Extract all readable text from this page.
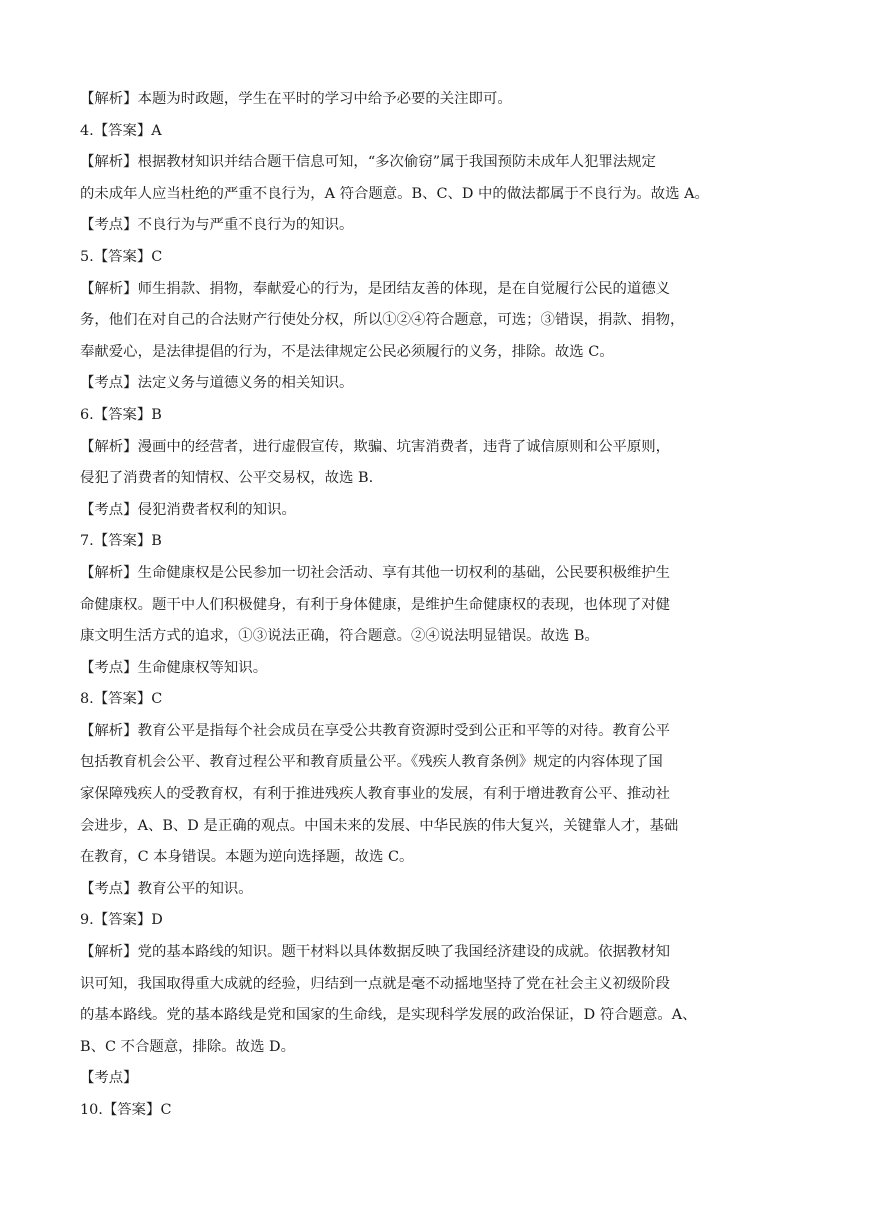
【解析】本题为时政题，学生在平时的学习中给予必要的关注即可。
4.【答案】A
【解析】根据教材知识并结合题干信息可知，“多次偷窃”属于我国预防未成年人犯罪法规定
的未成年人应当杜绝的严重不良行为，A 符合题意。B、C、D 中的做法都属于不良行为。故选 A。
【考点】不良行为与严重不良行为的知识。
5.【答案】C
【解析】师生捐款、捐物，奉献爱心的行为，是团结友善的体现，是在自觉履行公民的道德义
务，他们在对自己的合法财产行使处分权，所以①②④符合题意，可选；③错误，捐款、捐物，
奉献爱心，是法律提倡的行为，不是法律规定公民必须履行的义务，排除。故选 C。
【考点】法定义务与道德义务的相关知识。
6.【答案】B
【解析】漫画中的经营者，进行虚假宣传，欺骗、坑害消费者，违背了诚信原则和公平原则，
侵犯了消费者的知情权、公平交易权，故选 B.
【考点】侵犯消费者权利的知识。
7.【答案】B
【解析】生命健康权是公民参加一切社会活动、享有其他一切权利的基础，公民要积极维护生
命健康权。题干中人们积极健身，有利于身体健康，是维护生命健康权的表现，也体现了对健
康文明生活方式的追求，①③说法正确，符合题意。②④说法明显错误。故选 B。
【考点】生命健康权等知识。
8.【答案】C
【解析】教育公平是指每个社会成员在享受公共教育资源时受到公正和平等的对待。教育公平
包括教育机会公平、教育过程公平和教育质量公平。《残疾人教育条例》规定的内容体现了国
家保障残疾人的受教育权，有利于推进残疾人教育事业的发展，有利于增进教育公平、推动社
会进步，A、B、D 是正确的观点。中国未来的发展、中华民族的伟大复兴，关键靠人才，基础
在教育，C 本身错误。本题为逆向选择题，故选 C。
【考点】教育公平的知识。
9.【答案】D
【解析】党的基本路线的知识。题干材料以具体数据反映了我国经济建设的成就。依据教材知
识可知，我国取得重大成就的经验，归结到一点就是毫不动摇地坚持了党在社会主义初级阶段
的基本路线。党的基本路线是党和国家的生命线，是实现科学发展的政治保证，D 符合题意。A、
B、C 不合题意，排除。故选 D。
【考点】
10.【答案】C
